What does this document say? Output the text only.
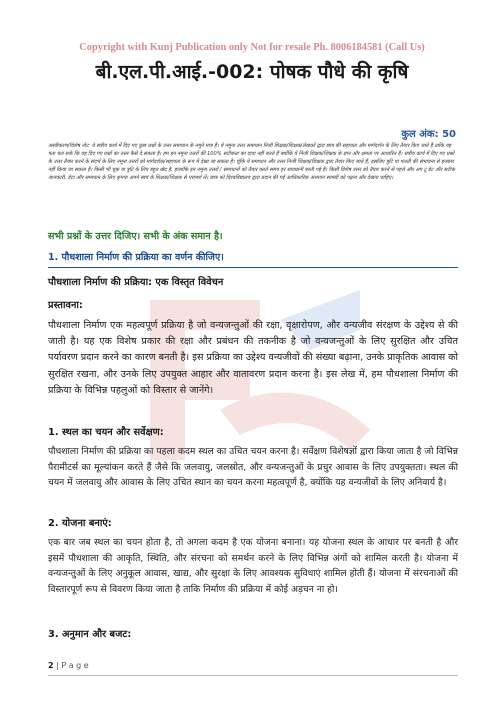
Copyright with Kunj Publication only Not for resale Ph. 8006184581 (Call Us)
बी.एल.पी.आई.-002: पोषक पौधे की कृषि
कुल अंक: 50
अस्वीकरण/विशेष नोट: ये सत्रीय कार्य में दिए गए कुछ प्रश्नों के उत्तर समाधान के नमूने मात्र हैं। ये नमूना उत्तर समाधान निजी शिक्षक/शिक्षक/लेखकों द्वारा छात्र की सहायता और मार्गदर्शन के लिए तैयार किए जाते हैं ताकि यह पता चल सके कि वह दिए गए प्रश्नों का उत्तर कैसे दे सकता है। हम इन नमूना उत्तरों की 100% सटीकता का दावा नहीं करते हैं क्योंकि ये निजी शिक्षक/शिक्षक के ज्ञान और क्षमता पर आधारित हैं। सत्रीय कार्य में दिए गए प्रश्नों के उत्तर तैयार करने के संदर्भ के लिए नमूना उत्तरों को मार्गदर्शक/सहायता के रूप में देखा जा सकता है। चूंकि ये समाधान और उत्तर निजी शिक्षक/शिक्षक द्वारा तैयार किए जाते हैं, इसलिए त्रुटि या गलती की संभावना से इनकार नहीं किया जा सकता है। किसी भी चूक या त्रुटि के लिए बहुत खेद है, हालांकि इन नमूना उत्तरों / समाधानों को तैयार करते समय हर सावधानी बरती गई है। किसी विशेष उत्तर को तैयार करने से पहले और अप टू डेट और सटीक जानकारी, डेटा और समाधान के लिए कृपया अपने स्वयं के शिक्षक/शिक्षक से परामर्श लें। छात्र को विश्वविद्यालय द्वारा प्रदान की गई आधिकारिक अध्ययन सामग्री को पढ़ना और देखना चाहिए।
सभी प्रश्नों के उत्तर दिजिए। सभी के अंक समान है।
1. पौधशाला निर्माण की प्रक्रिया का वर्णन कीजिए।
पौधशाला निर्माण की प्रक्रिया: एक विस्तृत विवेचन
प्रस्तावना:
पौधशाला निर्माण एक महत्वपूर्ण प्रक्रिया है जो वन्यजन्तुओं की रक्षा, वृक्षारोपण, और वन्यजीव संरक्षण के उद्देश्य से की जाती है। यह एक विशेष प्रकार की रक्षा और प्रबंधन की तकनीक है जो वन्यजन्तुओं के लिए सुरक्षित और उचित पर्यावरण प्रदान करने का कारण बनती है। इस प्रक्रिया का उद्देश्य वन्यजीवों की संख्या बढ़ाना, उनके प्राकृतिक आवास को सुरक्षित रखना, और उनके लिए उपयुक्त आहार और वातावरण प्रदान करना है। इस लेख में, हम पौधशाला निर्माण की प्रक्रिया के विभिन्न पहलुओं को विस्तार से जानेंगे।
1. स्थल का चयन और सर्वेक्षण:
पौधशाला निर्माण की प्रक्रिया का पहला कदम स्थल का उचित चयन करना है। सर्वेक्षण विशेषज्ञों द्वारा किया जाता है जो विभिन्न पैरामीटर्स का मूल्यांकन करते हैं जैसे कि जलवायु, जलस्रोत, और वन्यजन्तुओं के प्रचुर आवास के लिए उपयुक्तता। स्थल की चयन में जलवायु और आवास के लिए उचित स्थान का चयन करना महत्वपूर्ण है, क्योंकि यह वन्यजीवों के लिए अनिवार्य है।
2. योजना बनाएं:
एक बार जब स्थल का चयन होता है, तो अगला कदम है एक योजना बनाना। यह योजना स्थल के आधार पर बनती है और इसमें पौधशाला की आकृति, स्थिति, और संरचना को समर्थन करने के लिए विभिन्न अंगों को शामिल करती है। योजना में वन्यजन्तुओं के लिए अनुकूल आवास, खाद्य, और सुरक्षा के लिए आवश्यक सुविधाएं शामिल होती हैं। योजना में संरचनाओं की विस्तारपूर्ण रूप से विवरण किया जाता है ताकि निर्माण की प्रक्रिया में कोई अड़चन ना हो।
3. अनुमान और बजट:
2 | P a g e
